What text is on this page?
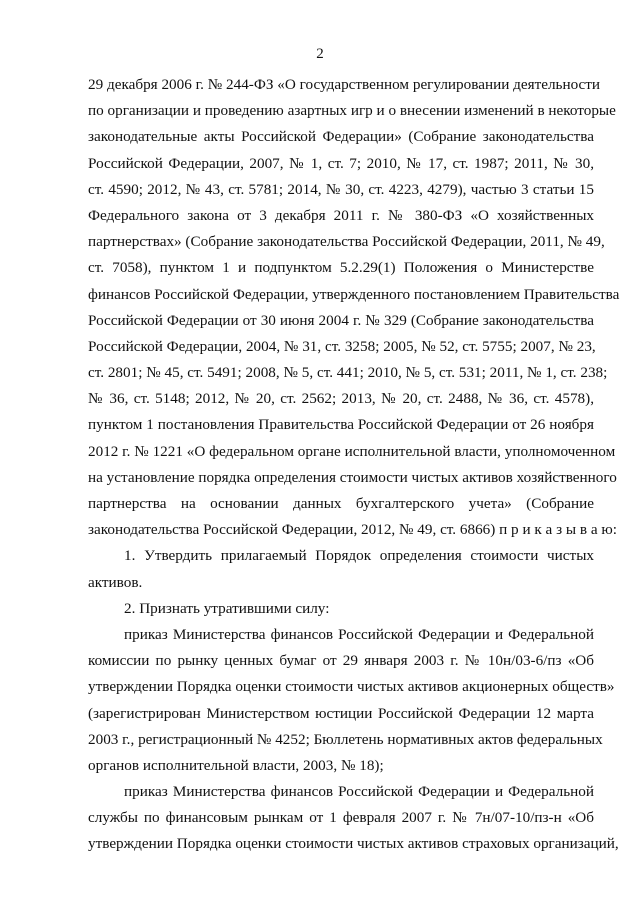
2
29 декабря 2006 г. № 244-ФЗ «О государственном регулировании деятельности
по организации и проведению азартных игр и о внесении изменений в некоторые
законодательные акты Российской Федерации» (Собрание законодательства
Российской Федерации, 2007, № 1, ст. 7; 2010, № 17, ст. 1987; 2011, № 30,
ст. 4590; 2012, № 43, ст. 5781; 2014, № 30, ст. 4223, 4279), частью 3 статьи 15
Федерального закона от 3 декабря 2011 г. № 380-ФЗ «О хозяйственных
партнерствах» (Собрание законодательства Российской Федерации, 2011, № 49,
ст. 7058), пунктом 1 и подпунктом 5.2.29(1) Положения о Министерстве
финансов Российской Федерации, утвержденного постановлением Правительства
Российской Федерации от 30 июня 2004 г. № 329 (Собрание законодательства
Российской Федерации, 2004, № 31, ст. 3258; 2005, № 52, ст. 5755; 2007, № 23,
ст. 2801; № 45, ст. 5491; 2008, № 5, ст. 441; 2010, № 5, ст. 531; 2011, № 1, ст. 238;
№ 36, ст. 5148; 2012, № 20, ст. 2562; 2013, № 20, ст. 2488, № 36, ст. 4578),
пунктом 1 постановления Правительства Российской Федерации от 26 ноября
2012 г. № 1221 «О федеральном органе исполнительной власти, уполномоченном
на установление порядка определения стоимости чистых активов хозяйственного
партнерства на основании данных бухгалтерского учета» (Собрание
законодательства Российской Федерации, 2012, № 49, ст. 6866) п р и к а з ы в а ю:
1. Утвердить прилагаемый Порядок определения стоимости чистых
активов.
2. Признать утратившими силу:
приказ Министерства финансов Российской Федерации и Федеральной
комиссии по рынку ценных бумаг от 29 января 2003 г. № 10н/03-6/пз «Об
утверждении Порядка оценки стоимости чистых активов акционерных обществ»
(зарегистрирован Министерством юстиции Российской Федерации 12 марта
2003 г., регистрационный № 4252; Бюллетень нормативных актов федеральных
органов исполнительной власти, 2003, № 18);
приказ Министерства финансов Российской Федерации и Федеральной
службы по финансовым рынкам от 1 февраля 2007 г. № 7н/07-10/пз-н «Об
утверждении Порядка оценки стоимости чистых активов страховых организаций,
